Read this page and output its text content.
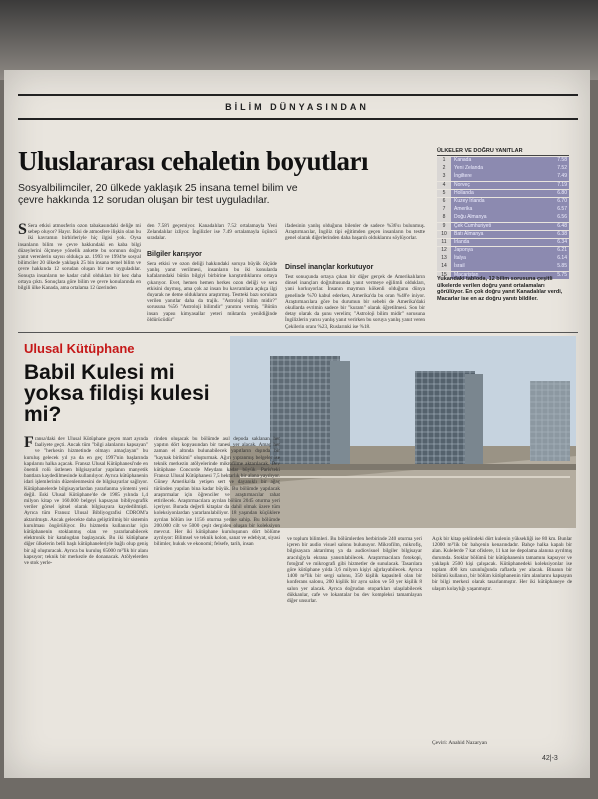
BİLİM DÜNYASINDAN
Uluslararası cehaletin boyutları
Sosyalbilimciler, 20 ülkede yaklaşık 25 insana temel bilim ve çevre hakkında 12 sorudan oluşan bir test uyguladılar.
S Sera etkisi atmosferin ozon tabakasındaki deliğe mi sebep oluyor? Hayır. Ikisi de atmosfere ilişkin olan bu iki kavramın birbirleriyle hiç ilgisi yok. Oysa insanların bilim ve çevre hakkındaki en kaba bilgi düzeylerini ölçmeye yönelik ankette bu sorunun doğru yanıt verenlerin sayısı oldukça az. 1993 ve 1994'te sosyal bilimciler 20 ülkede yaklaşık 25 bin insana temel bilim ve çevre hakkında 12 sorudan oluşan bir test uyguladılar. Sonuçta insanların ne kadar cahil oldukları bir kez daha ortaya çıktı. Sonuçlara göre bilim ve çevre konularında en bilgili ülke Kanada, ama ortalama 12 üzerinden
den 7.58'i geçemiyor. Kanadalıları 7.52 ortalamayla Yeni Zelandalılar izliyor. İngilizler ise 7.49 ortalamayla üçüncü sıradalar.
Bilgiler karışıyor
Sera etkisi ve ozon deliği hakkındaki soruya büyük ölçüde yanlış yanıt verilmesi, insanların bu iki konularda kafalarındaki bütün bilgiyi birbirine karıştırdıklarını ortaya çıkarıyor. Evet, hemen hemen herkes ozon deliği ve sera etkisini duymuş, ama çok az insan bu kavramlara açıkça ilgi duyarak ne deme olduklarını araştırmış. Testteki bazı sorulara verilen yanıtlar daha da trajik. "Astroloji bilim midir?" sorusuna %56 "Astroloji bilimdir" yanıtını vermiş. "Bütün insan yapısı kimyasallar yeteri miktarda yenildiğinde öldürücüdür"
ifadesinin yanlış olduğunu bilenler de sadece %36'sı bulunmuş. Araştırmacılar, İngiliz tipi eğitimden geçen insanların bu testte genel olarak diğerlerinden daha başarılı olduklarını söylüyorlar.
Dinsel inançlar korkutuyor
Test sonuçunda ortaya çıkan bir diğer gerçek de Amerikalıların dinsel inançları doğrultusunda yanıt vermeye eğilimli oldukları, yani korkuyorlar. İnsanın maymun kökenli olduğunu dünya genelinde %70 kabul ederken, Amerika'da bu oran %48'e iniyor. Araştırmacılara göre bu durumun bir sebebi de Amerika'daki okullarda evrimin sadece bir "kuram" olarak öğretilmesi. Son bir detay olarak da şunu verelim; "Astroloji bilim midir" sorusuna İngilizlerin yarısı yanlış yanıt verirken bu soruya yanlış yanıt veren Çekilerin oranı %23, Ruslarınki ise %18.
ÜLKELER VE DOĞRU YANITLAR
1	Kanada	7.58
2	Yeni Zelanda	7.52
3	İngiltere	7.49
4	Norveç	7.19
5	Hollanda	6.80
6	Kuzey İrlanda	6.70
7	Amerika	6.57
8	Doğu Almanya	6.56
9	Çek Cumhuriyeti	6.48
10	Batı Almanya	6.38
11	İrlanda	6.34
12	Japonya	6.21
13	İtalya	6.14
14	İsrail	5.85
15	Macaristan	5.75
Yukarıdaki tabloda, 12 bilim sorusuna çeşitli ülkelerde verilen doğru yanıt ortalamaları görülüyor. En çok doğru yanıt Kanadalılar verdi, Macarlar ise en az doğru yanıtı bildiler.
Ulusal Kütüphane
Babil Kulesi mi yoksa fildişi kulesi mi?
Fransa'daki dev Ulusal Kütüphane geçen mart ayında faaliyete geçti. Ancak tüm "bilgi alanlarını kapsayan" ve "herkesin hizmetinde olmayı amaçlayan" bu kuruluş gelecek yıl ya da en geç 1997'nin başlarında kapılarını halka açacak. Fransız Ulusal Kütüphanesi'nde en önemli rolü üstlenen bilgisayarlar yapılanın manyetik bantlara kaydedilmesinde kullanılıyor. Ayrıca kütüphanenin idari işlemlerinin düzenlenmesini de bilgisayarlar sağlıyor. Kütüphanelerde bilgisayarlardan yararlanma yöntemi yeni değil. Eski Ulusal Kütüphane'de de 1985 yılında 1,4 milyon kitap ve 160.000 belgeyi kapsayan bibliyografik veriler görsel işitsel olarak bilgisayara kaydedilmişti. Ayrıca tüm Fransız Ulusal Bibliyografisi CDROM'a aktarılmıştı. Ancak gelecekte daha geliştirilmiş bir sistemin kurulması öngörülüyor. Bu hizmetin kullanıcılar için kütüphanenin stoklanmış olan ve yararlanabilecek elektronik bir katalogdan başlayacak. Bu iki kütüphane diğer ülkelerin belli başlı kütüphaneleriyle bağlı olup geniş bir ağ oluşturacak. Ayrıca bu kuruluş 65000 m²'lik bir alanı kapsıyor; teknik bir merkezle de donanacak. Atölyelerden ve stok yerle-
rinden oluşacak bu bölümde asıl depoda saklanan her yapıtın dört kopyasından bir tanesi yer alacak. Amaç her zaman el altında bulunabilecek yapıtların dışında bir "kaynak birikimi" oluşturmak. Ağırı yıpranmış belgeler ise teknik merkezin atölyelerinde mikrofilme aktarılacak. Dev kütüphane Concorde Meydanı kadar büyük. Paris'teki Fransız Ulusal Kütüphanesi 7,5 hektarlık bir alana yayılıyor. Güney Amerika'da yetişen sert ve dayanıklı bir ağaç türünden yapılan bina kadar büyük. Bu bölümde yapılacak araştırmalar için öğrenciler ve araştırmacılar rahat ettirilecek. Araştırmacılara ayrılan bölüm 2045 oturma yeri içeriyor. Burada değerli kitaplar da dahil olmak üzere tüm koleksiyonlardan yararlanılabiliyor. 18 yaşından küçüklere ayrılan bölüm ise 1156 oturma yerine sahip. Bu bölümde 200.000 cilt ve 5000 çeşit dergiden oluşan bir koleksiyon mevcut. Her iki kütüphane kuruluşunun dört bölüme ayrılıyor: Bilimsel ve teknik kolon, sanat ve edebiyat, siyasi bilimler, hukuk ve ekonomi; felsefe, tarih, insan
ve toplum bilimleri. Bu bölümlerden herbirinde 240 oturma yeri içeren bir audio visuel salonu bulunuyor. Mikrofilm, mikrofiş, bilgisayara aktarılmış ya da audiovisuel bilgiler bilgisayar aracılığıyla ekrana yansıtılabilecek. Araştırmacılara fotokopi, fotoğraf ve mikrografi gibi hizmetler de sunulacak. Tasarılara göre kütüphane yılda 3,6 milyon kişiyi ağırlayabilecek. Ayrıca 1400 m²'lik bir sergi salonu, 350 kişilik kapasiteli olan bir konferans salonu, 200 kişilik bir aynı salon ve 50 yer kişilik 8 salon yer alacak. Ayrıca doğrudan otoparkları ulaşılabilecek dükkanlar, cafe ve lokantalar bu dev kompleksi tamamlayan diğer unsurlar.
Açık bir kitap şeklindeki dört kulenin yüksekliği ise 80 km. Bunlar 12000 m²'lik bir bahçenin kenarındadır. Bahçe halka kapalı bir alan. Kulelerde 7 kat ofislere, 11 kat ise depolama alanına ayrılmış durumda. Stoklar bölümü bir kütüphanenin tamamını kapsıyor ve yaklaşık 2500 kişi çalışacak. Kütüphanedeki koleksiyonlar ise toplam 400 km uzunluğunda raflarda yer alacak. Binanın bir bölümü kullanıcı, bir bölüm kütüphanenin tüm alanlarını kapsayan bir bilgi merkezi olarak tasarlanmıştır. Her iki kütüphaneye de ulaşım kolaylığı yaşanmıştır.
Çeviri: Anahid Nazaryan
42|-3
